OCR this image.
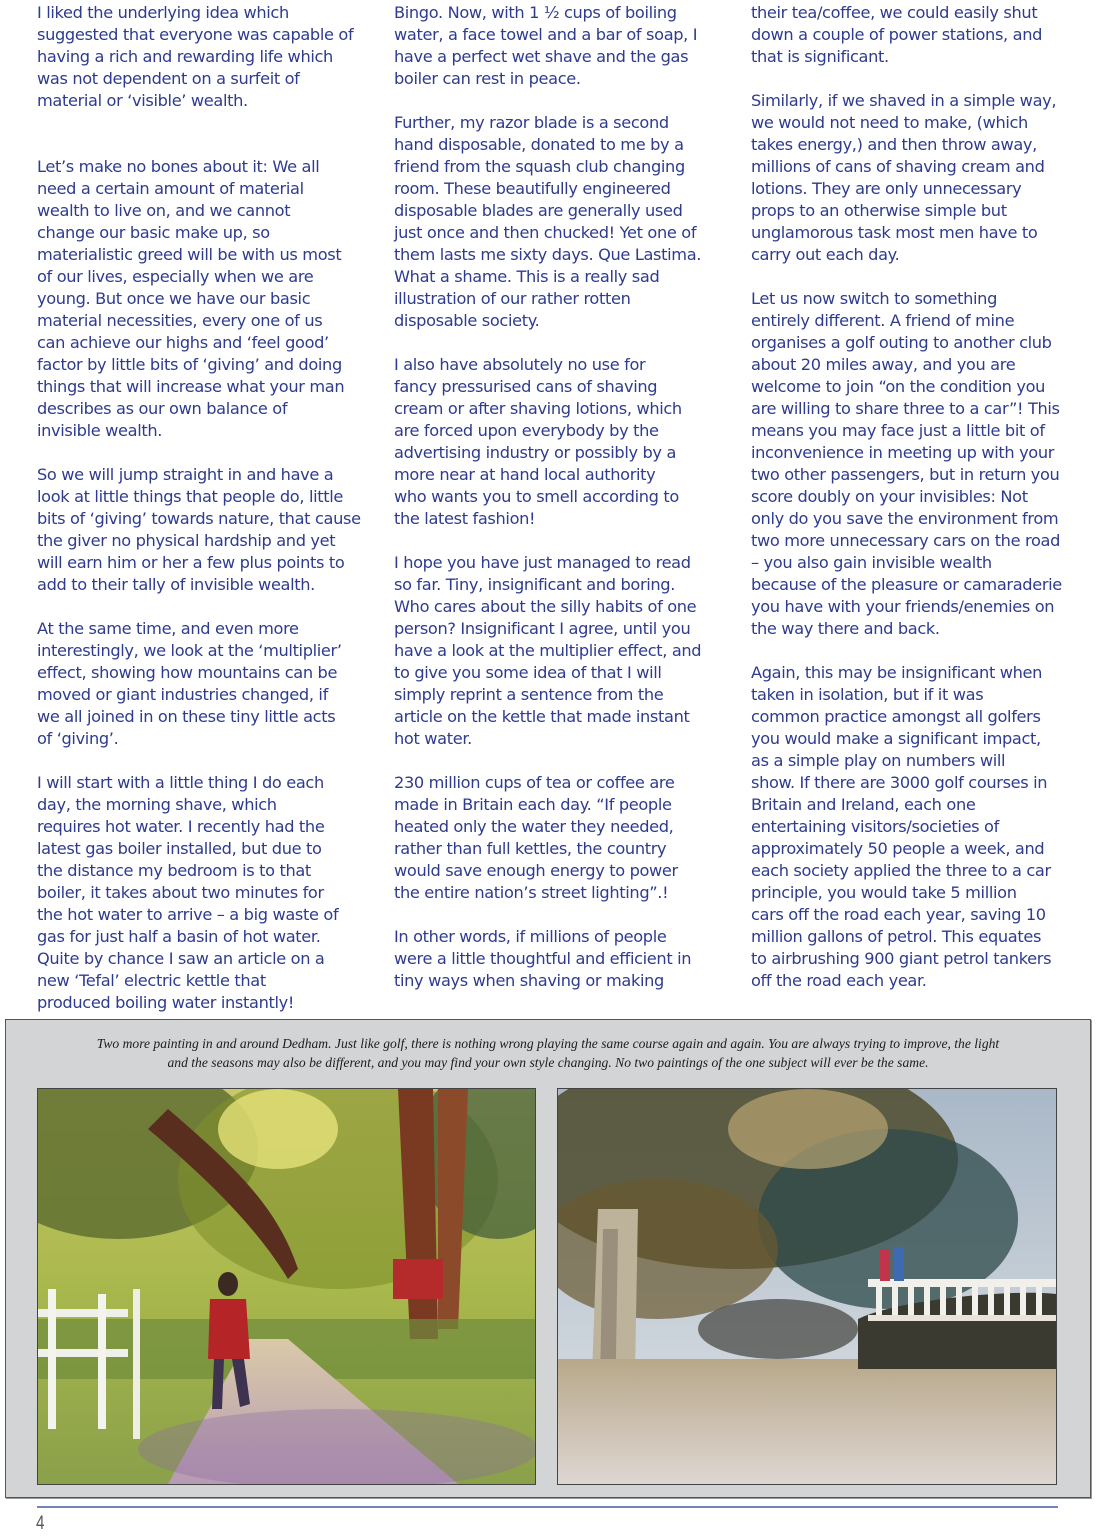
I liked the underlying idea which

suggested that everyone was capable of

having a rich and rewarding life which

was not dependent on a surfeit of

material or ‘visible’ wealth.

Let’s make no bones about it: We all

need a certain amount of material

wealth to live on, and we cannot

change our basic make up, so

materialistic greed will be with us most

of our lives, especially when we are

young. But once we have our basic

material necessities, every one of us

can achieve our highs and ‘feel good’

factor by little bits of ‘giving’ and doing

things that will increase what your man

describes as our own balance of

invisible wealth.

So we will jump straight in and have a

look at little things that people do, little

bits of ‘giving’ towards nature, that cause

the giver no physical hardship and yet

will earn him or her a few plus points to

add to their tally of invisible wealth.

At the same time, and even more

interestingly, we look at the ‘multiplier’

effect, showing how mountains can be

moved or giant industries changed, if

we all joined in on these tiny little acts

of ‘giving’.

I will start with a little thing I do each

day, the morning shave, which

requires hot water. I recently had the

latest gas boiler installed, but due to

the distance my bedroom is to that

boiler, it takes about two minutes for

the hot water to arrive – a big waste of

gas for just half a basin of hot water.

Quite by chance I saw an article on a

new ‘Tefal’ electric kettle that

produced boiling water instantly!

Bingo. Now, with 1 ½ cups of boiling

water, a face towel and a bar of soap, I

have a perfect wet shave and the gas

boiler can rest in peace.

Further, my razor blade is a second

hand disposable, donated to me by a

friend from the squash club changing

room. These beautifully engineered

disposable blades are generally used

just once and then chucked! Yet one of

them lasts me sixty days. Que Lastima.

What a shame. This is a really sad

illustration of our rather rotten

disposable society.

I also have absolutely no use for

fancy pressurised cans of shaving

cream or after shaving lotions, which

are forced upon everybody by the

advertising industry or possibly by a

more near at hand local authority

who wants you to smell according to

the latest fashion!

I hope you have just managed to read

so far. Tiny, insignificant and boring.

Who cares about the silly habits of one

person? Insignificant I agree, until you

have a look at the multiplier effect, and

to give you some idea of that I will

simply reprint a sentence from the

article on the kettle that made instant

hot water.

230 million cups of tea or coffee are

made in Britain each day. “If people

heated only the water they needed,

rather than full kettles, the country

would save enough energy to power

the entire nation’s street lighting”.!

In other words, if millions of people

were a little thoughtful and efficient in

tiny ways when shaving or making

their tea/coffee, we could easily shut

down a couple of power stations, and

that is significant.

Similarly, if we shaved in a simple way,

we would not need to make, (which

takes energy,) and then throw away,

millions of cans of shaving cream and

lotions. They are only unnecessary

props to an otherwise simple but

unglamorous task most men have to

carry out each day.

Let us now switch to something

entirely different. A friend of mine

organises a golf outing to another club

about 20 miles away, and you are

welcome to join “on the condition you

are willing to share three to a car”! This

means you may face just a little bit of

inconvenience in meeting up with your

two other passengers, but in return you

score doubly on your invisibles: Not

only do you save the environment from

two more unnecessary cars on the road

– you also gain invisible wealth

because of the pleasure or camaraderie

you have with your friends/enemies on

the way there and back.

Again, this may be insignificant when

taken in isolation, but if it was

common practice amongst all golfers

you would make a significant impact,

as a simple play on numbers will

show. If there are 3000 golf courses in

Britain and Ireland, each one

entertaining visitors/societies of

approximately 50 people a week, and

each society applied the three to a car

principle, you would take 5 million

cars off the road each year, saving 10

million gallons of petrol. This equates

to airbrushing 900 giant petrol tankers

off the road each year.

Two more painting in and around Dedham. Just like golf, there is nothing wrong playing the same course again and again. You are always trying to improve, the light
and the seasons may also be different, and you may find your own style changing. No two paintings of the one subject will ever be the same.
4
